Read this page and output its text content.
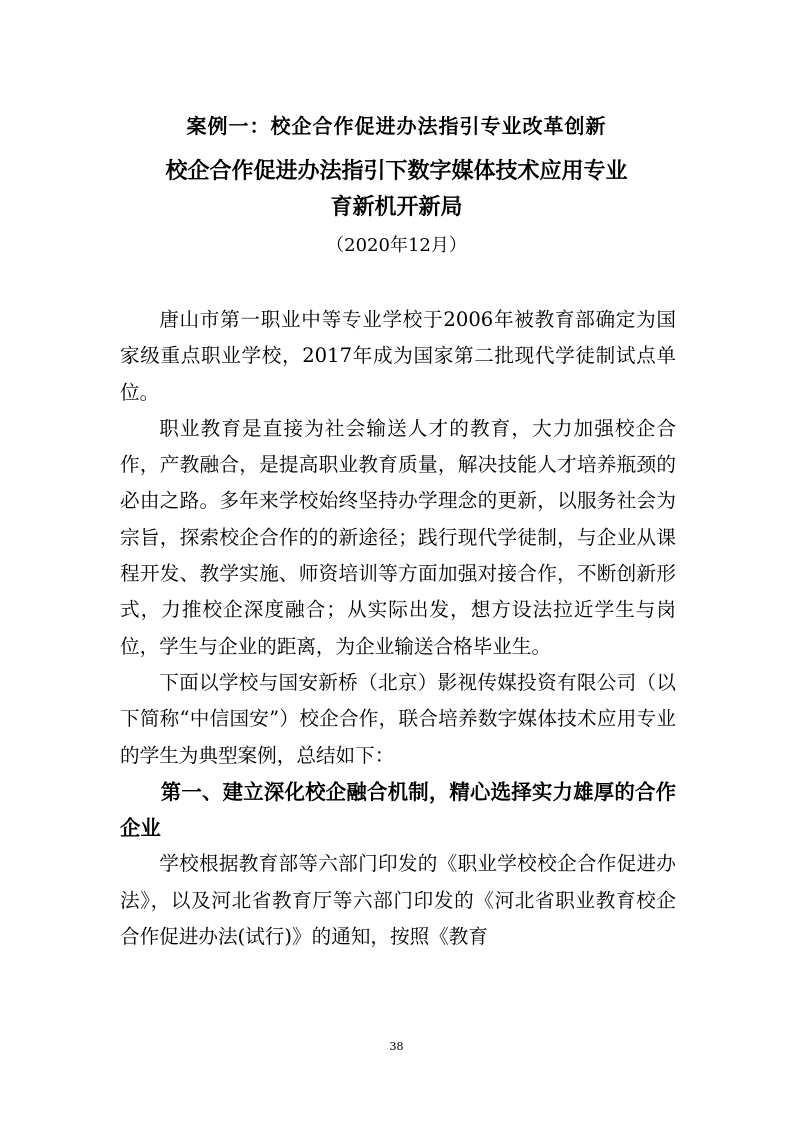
案例一：校企合作促进办法指引专业改革创新
校企合作促进办法指引下数字媒体技术应用专业
育新机开新局
（2020年12月）

唐山市第一职业中等专业学校于2006年被教育部确定为国家级重点职业学校，2017年成为国家第二批现代学徒制试点单位。

职业教育是直接为社会输送人才的教育，大力加强校企合作，产教融合，是提高职业教育质量，解决技能人才培养瓶颈的必由之路。多年来学校始终坚持办学理念的更新，以服务社会为宗旨，探索校企合作的的新途径；践行现代学徒制，与企业从课程开发、教学实施、师资培训等方面加强对接合作，不断创新形式，力推校企深度融合；从实际出发，想方设法拉近学生与岗位，学生与企业的距离，为企业输送合格毕业生。

下面以学校与国安新桥（北京）影视传媒投资有限公司（以下简称“中信国安”）校企合作，联合培养数字媒体技术应用专业的学生为典型案例，总结如下：

第一、建立深化校企融合机制，精心选择实力雄厚的合作企业

学校根据教育部等六部门印发的《职业学校校企合作促进办法》，以及河北省教育厅等六部门印发的《河北省职业教育校企合作促进办法(试行)》的通知，按照《教育

38
